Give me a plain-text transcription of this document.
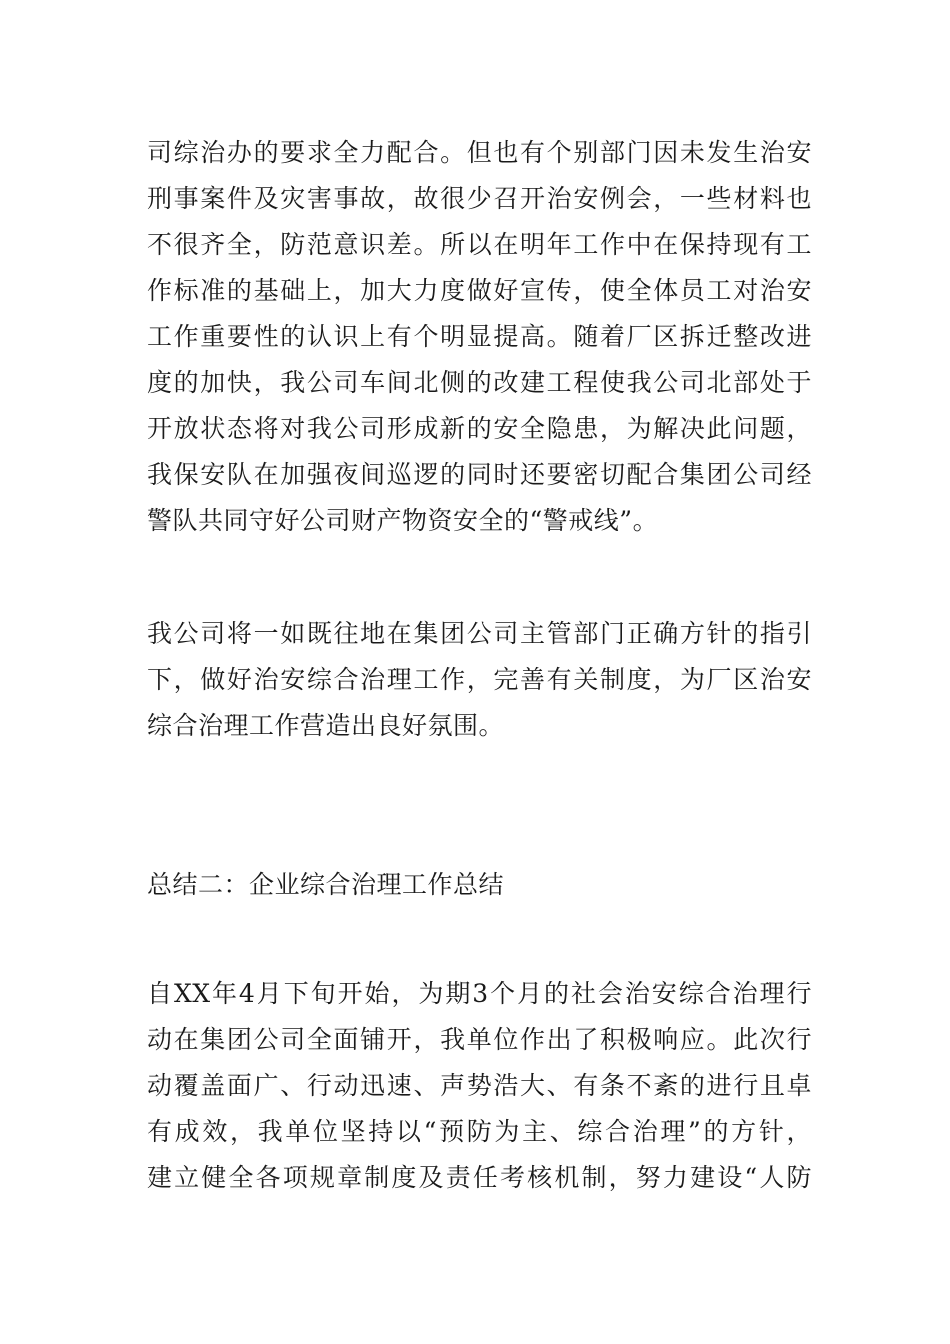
司综治办的要求全力配合。但也有个别部门因未发生治安
刑事案件及灾害事故，故很少召开治安例会，一些材料也
不很齐全，防范意识差。所以在明年工作中在保持现有工
作标准的基础上，加大力度做好宣传，使全体员工对治安
工作重要性的认识上有个明显提高。随着厂区拆迁整改进
度的加快，我公司车间北侧的改建工程使我公司北部处于
开放状态将对我公司形成新的安全隐患，为解决此问题，
我保安队在加强夜间巡逻的同时还要密切配合集团公司经
警队共同守好公司财产物资安全的“警戒线”。
我公司将一如既往地在集团公司主管部门正确方针的指引
下，做好治安综合治理工作，完善有关制度，为厂区治安
综合治理工作营造出良好氛围。
总结二：企业综合治理工作总结
自XX年4月下旬开始，为期3个月的社会治安综合治理行
动在集团公司全面铺开，我单位作出了积极响应。此次行
动覆盖面广、行动迅速、声势浩大、有条不紊的进行且卓
有成效，我单位坚持以“预防为主、综合治理”的方针，
建立健全各项规章制度及责任考核机制，努力建设“人防
